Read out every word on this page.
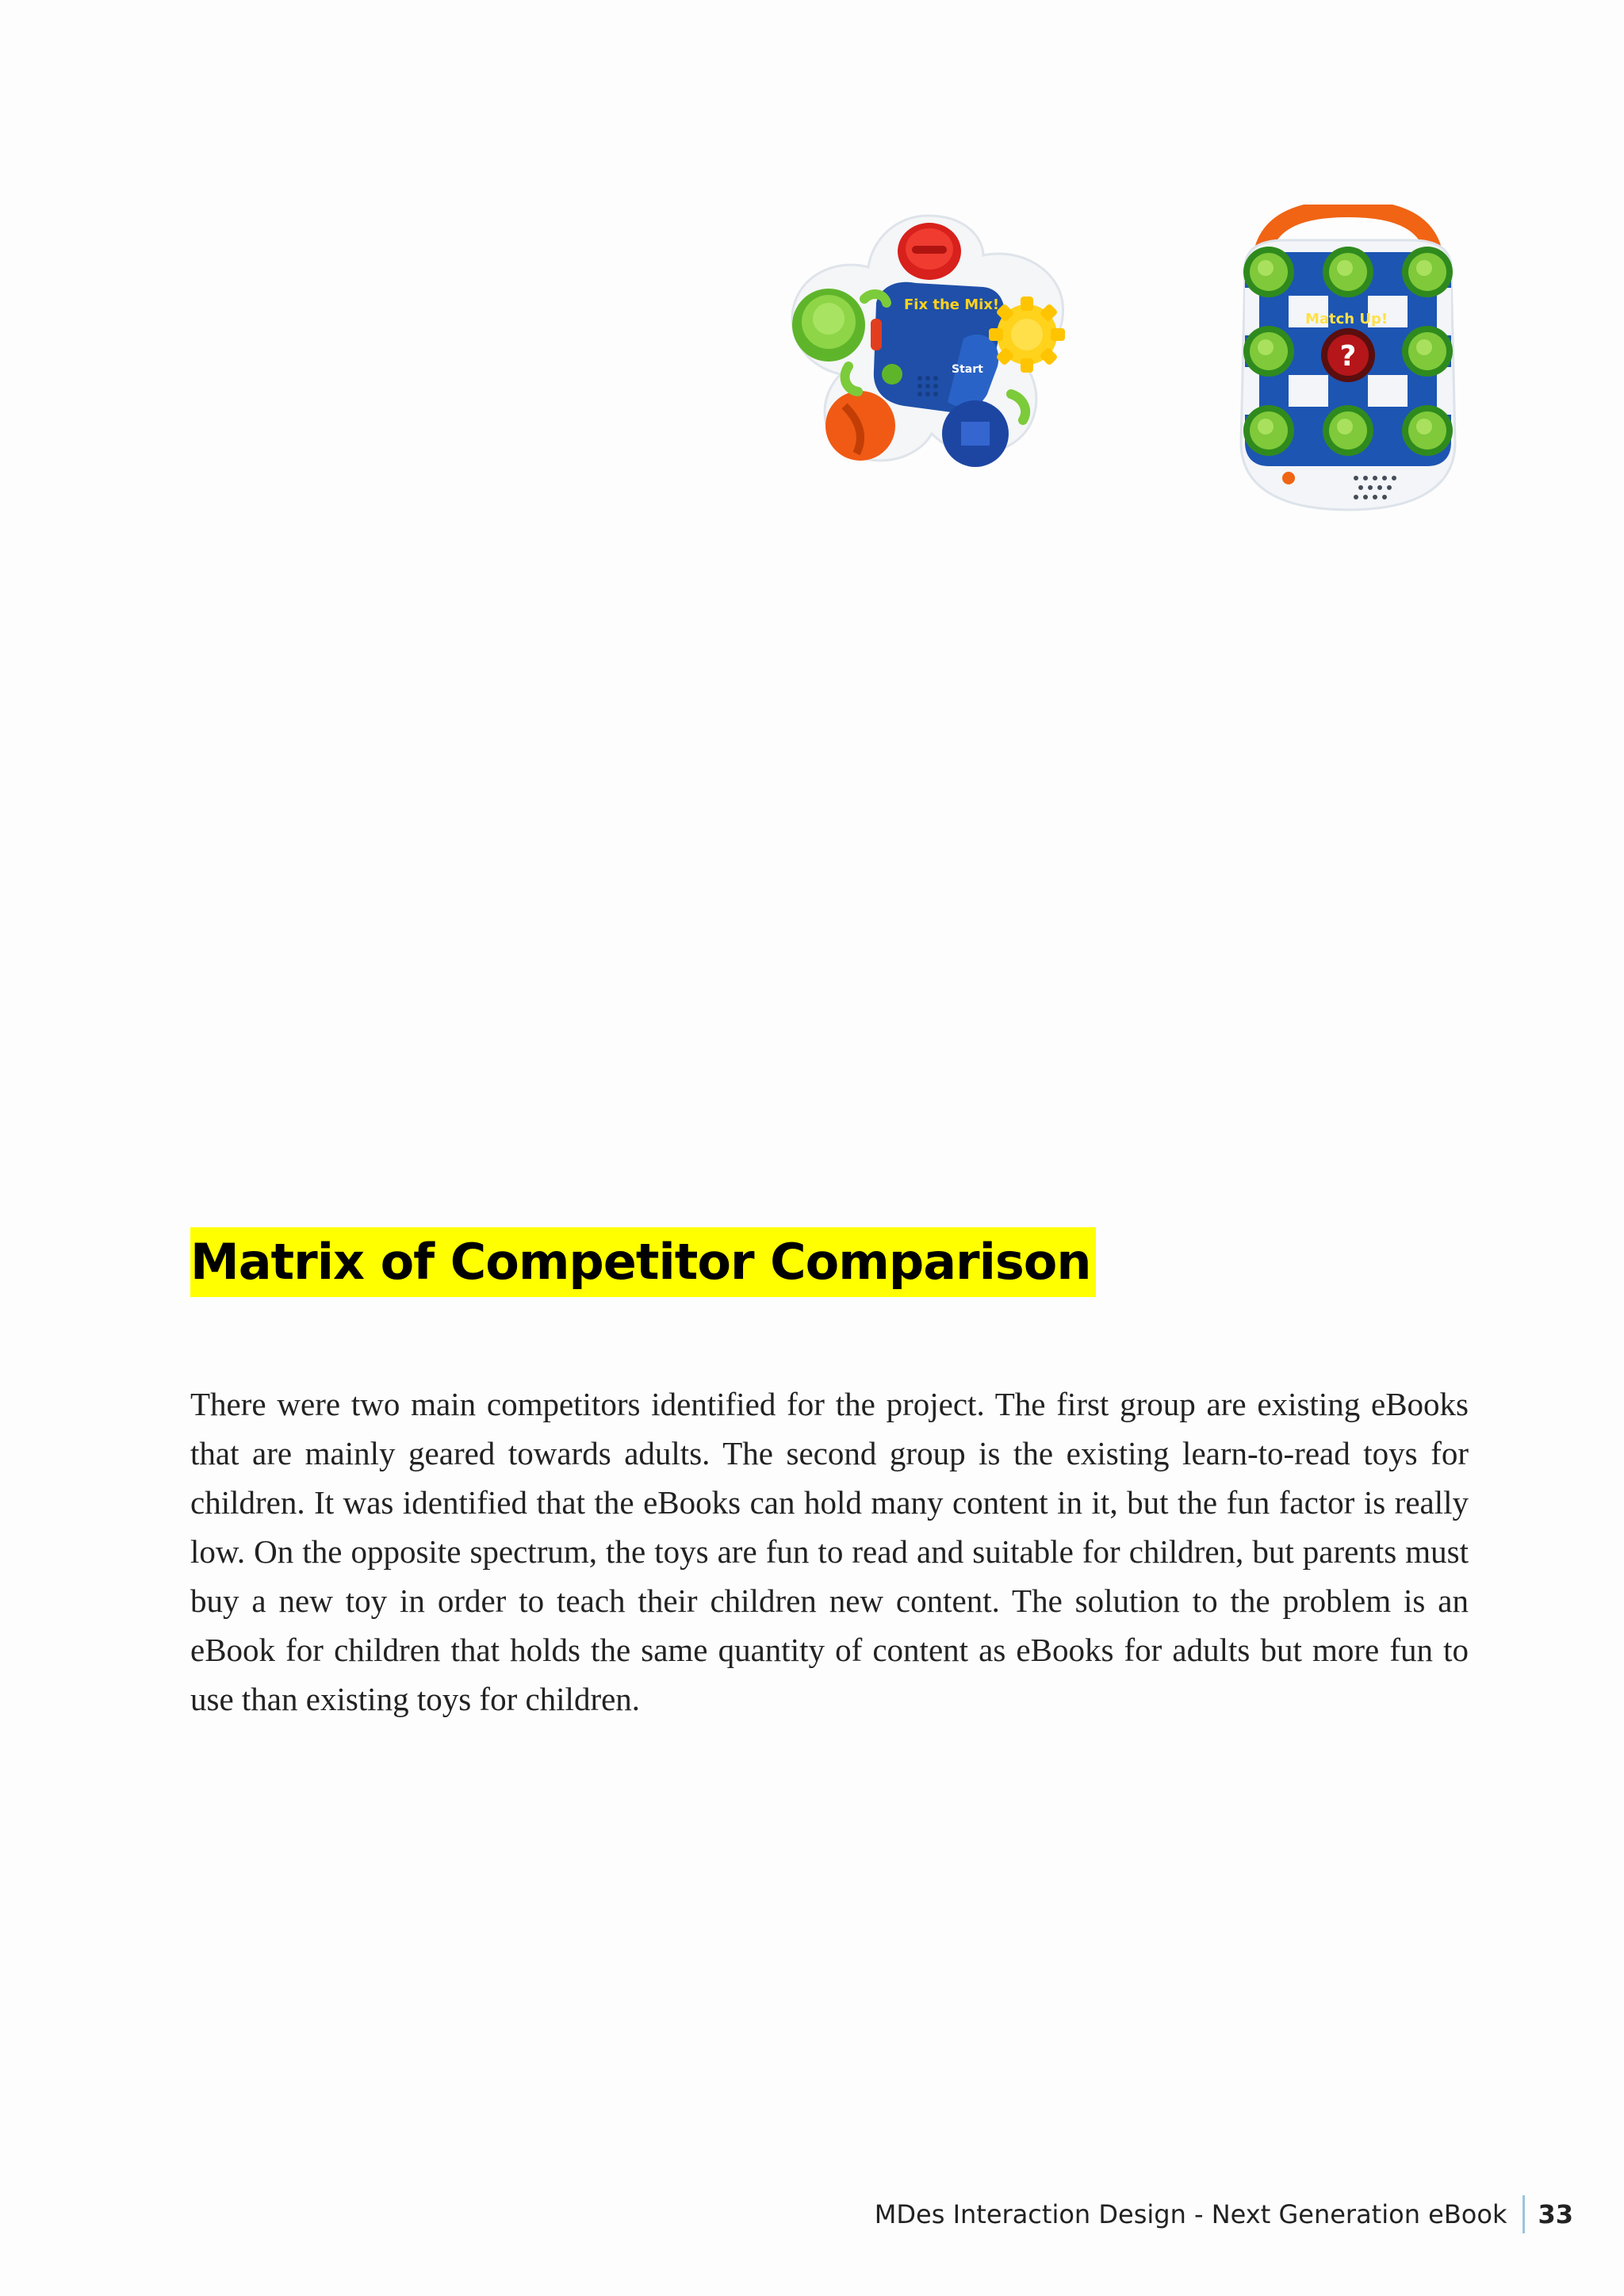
Fix the Mix!
Start	?
Match Up!
Matrix of Competitor Comparison

There were two main competitors identified for the project. The first group are existing eBooks that are mainly geared towards adults. The second group is the existing learn-to-read toys for children. It was identified that the eBooks can hold many content in it, but the fun factor is really low. On the opposite spectrum, the toys are fun to read and suitable for children, but parents must buy a new toy in order to teach their children new content. The solution to the problem is an eBook for children that holds the same quantity of content as eBooks for adults but more fun to use than existing toys for children.

MDes Interaction Design - Next Generation eBook 33
